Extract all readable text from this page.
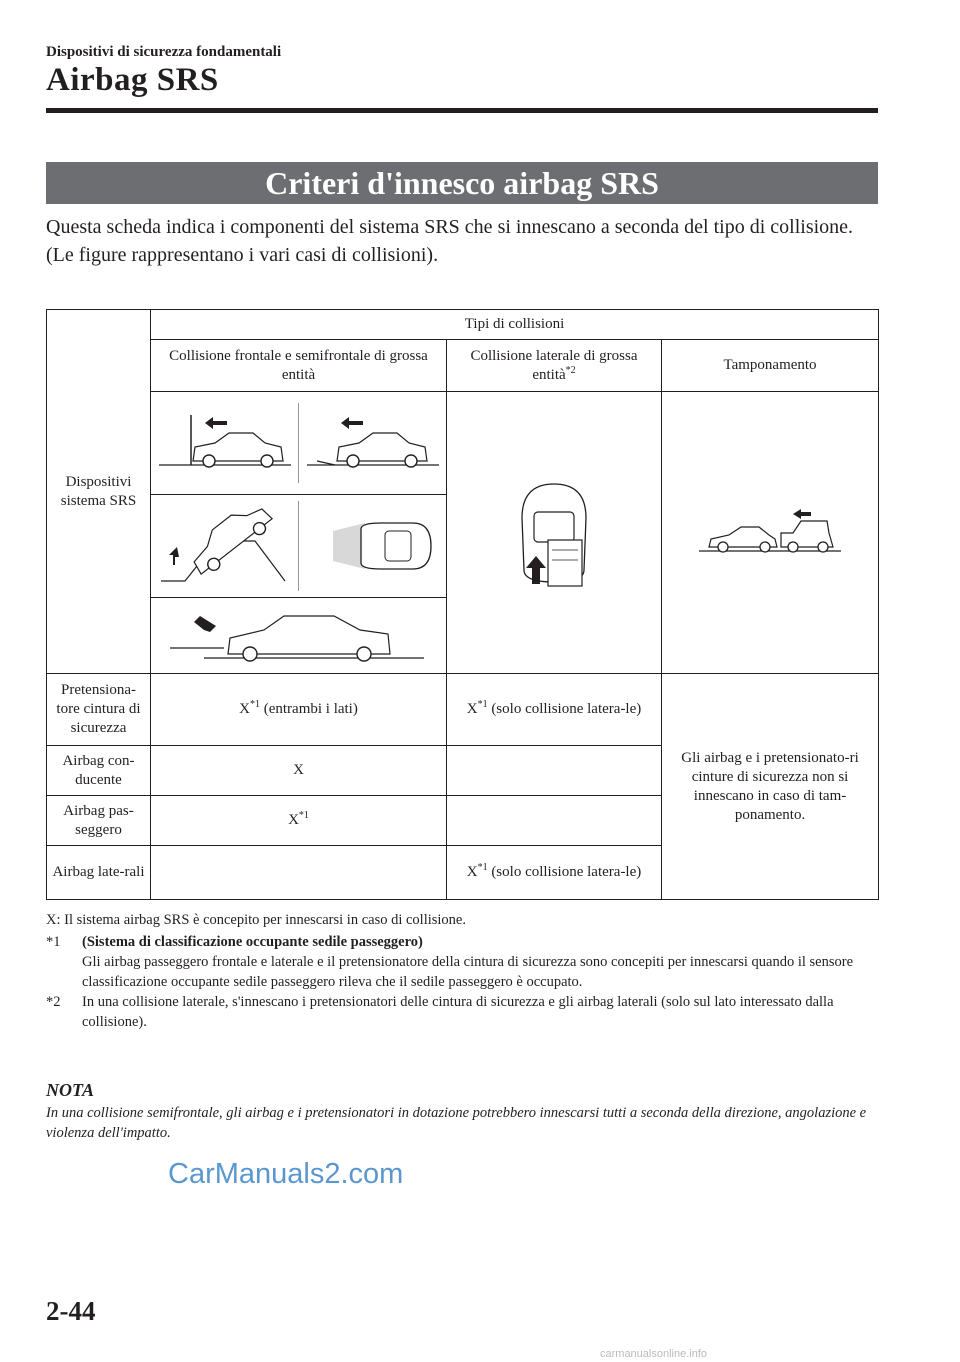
Dispositivi di sicurezza fondamentali
Airbag SRS
Criteri d'innesco airbag SRS

Questa scheda indica i componenti del sistema SRS che si innescano a seconda del tipo di collisione.

(Le figure rappresentano i vari casi di collisioni).

Dispositivi sistema SRS	Tipi di collisioni		
	Collisione frontale e semifrontale di grossa entità	Collisione laterale di grossa entità$^{*2}$	Tamponamento

Pretensiona-tore cintura di sicurezza	$X^{*1}$ (entrambi i lati)	$X^{*1}$ (solo collisione latera-le)	Gli airbag e i pretensionato-ri cinture di sicurezza non si innescano in caso di tam-ponamento.
Airbag con-ducente	X		
Airbag pas-seggero	$X^{*1}$	
Airbag late-rali		$X^{*1}$ (solo collisione latera-le)	
X: Il sistema airbag SRS è concepito per innescarsi in caso di collisione.
*1	(Sistema di classificazione occupante sedile passeggero)
Gli airbag passeggero frontale e laterale e il pretensionatore della cintura di sicurezza sono concepiti per innescarsi quando il sensore classificazione occupante sedile passeggero rileva che il sedile passeggero è occupato.
*2	In una collisione laterale, s'innescano i pretensionatori delle cintura di sicurezza e gli airbag laterali (solo sul lato interessato dalla collisione).
NOTA
In una collisione semifrontale, gli airbag e i pretensionatori in dotazione potrebbero innescarsi tutti a seconda della direzione, angolazione e violenza dell'impatto.
CarManuals2.com
2-44
carmanualsonline.info
